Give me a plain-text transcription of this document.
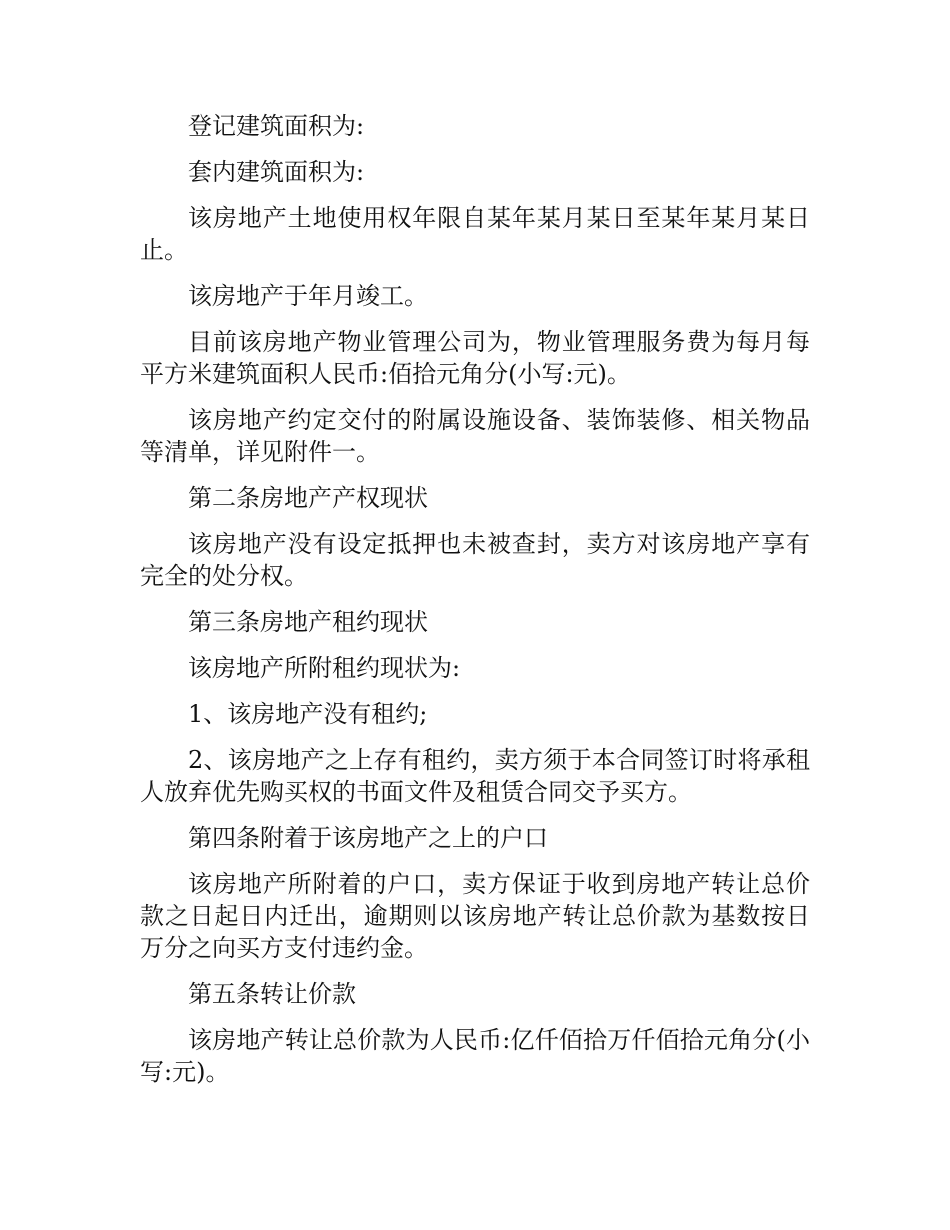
登记建筑面积为:

套内建筑面积为:

该房地产土地使用权年限自某年某月某日至某年某月某日止。

该房地产于年月竣工。

目前该房地产物业管理公司为，物业管理服务费为每月每平方米建筑面积人民币:佰拾元角分(小写:元)。

该房地产约定交付的附属设施设备、装饰装修、相关物品等清单，详见附件一。

第二条房地产产权现状

该房地产没有设定抵押也未被查封，卖方对该房地产享有完全的处分权。

第三条房地产租约现状

该房地产所附租约现状为:

1、该房地产没有租约;

2、该房地产之上存有租约，卖方须于本合同签订时将承租人放弃优先购买权的书面文件及租赁合同交予买方。

第四条附着于该房地产之上的户口

该房地产所附着的户口，卖方保证于收到房地产转让总价款之日起日内迁出，逾期则以该房地产转让总价款为基数按日万分之向买方支付违约金。

第五条转让价款

该房地产转让总价款为人民币:亿仟佰拾万仟佰拾元角分(小写:元)。
